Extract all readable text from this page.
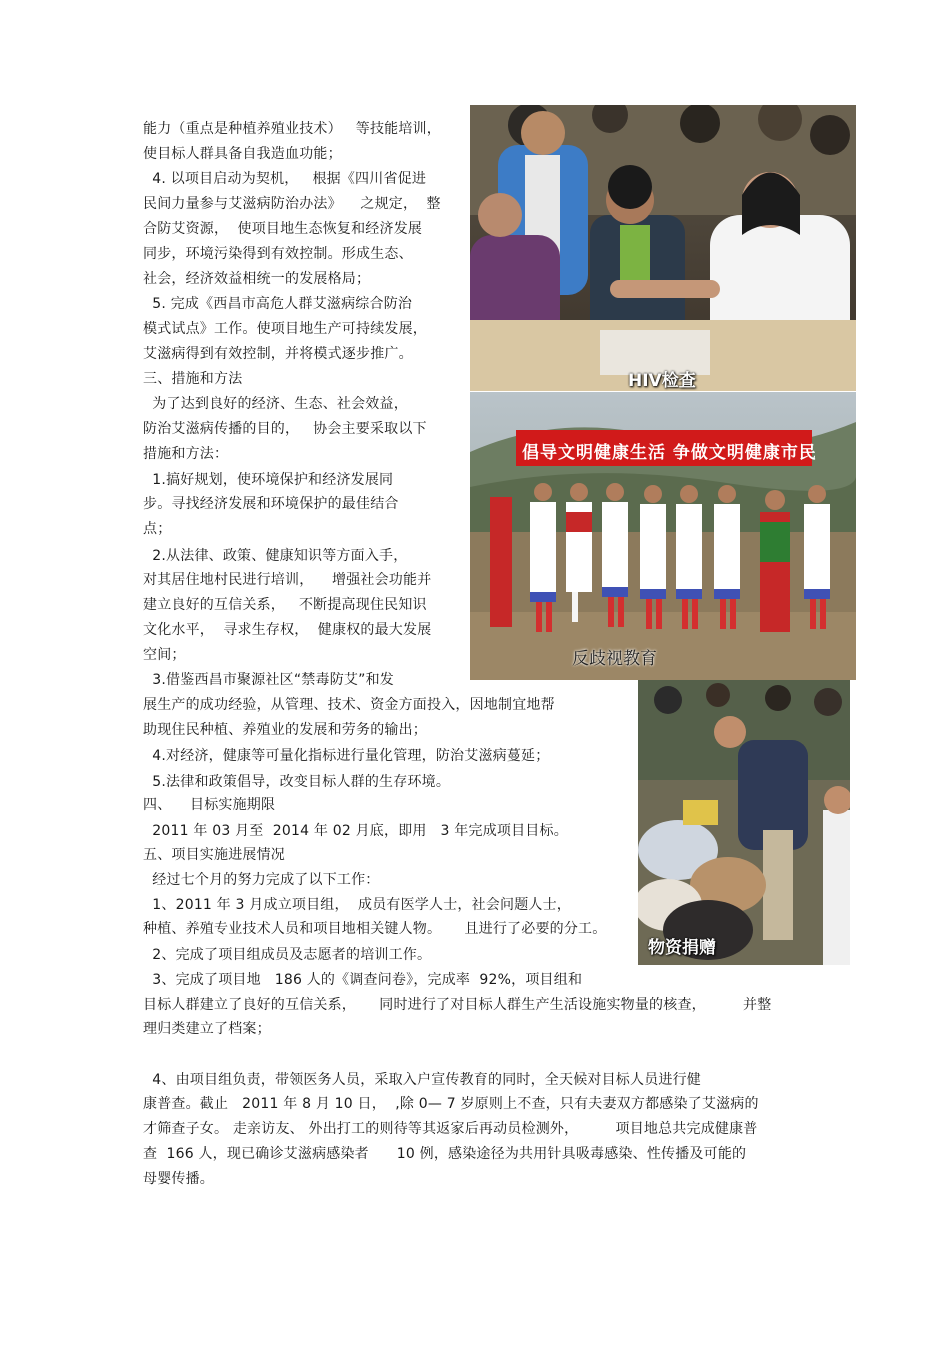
能力（重点是种植养殖业技术）   等技能培训，
使目标人群具备自我造血功能；
4. 以项目启动为契机，   根据《四川省促进
民间力量参与艾滋病防治办法》    之规定，  整
合防艾资源，  使项目地生态恢复和经济发展
同步，环境污染得到有效控制。形成生态、
社会，经济效益相统一的发展格局；
5. 完成《西昌市高危人群艾滋病综合防治
模式试点》工作。使项目地生产可持续发展，
艾滋病得到有效控制，并将模式逐步推广。
三、措施和方法
为了达到良好的经济、生态、社会效益，
防治艾滋病传播的目的，   协会主要采取以下
措施和方法：
1.搞好规划，使环境保护和经济发展同
步。寻找经济发展和环境保护的最佳结合
点；
2.从法律、政策、健康知识等方面入手，
对其居住地村民进行培训，    增强社会功能并
建立良好的互信关系，   不断提高现住民知识
文化水平，  寻求生存权，  健康权的最大发展
空间；
3.借鉴西昌市聚源社区“禁毒防艾”和发
展生产的成功经验，从管理、技术、资金方面投入，因地制宜地帮
助现住民种植、养殖业的发展和劳务的输出；
4.对经济，健康等可量化指标进行量化管理，防治艾滋病蔓延；
5.法律和政策倡导，改变目标人群的生存环境。
四、    目标实施期限
2011 年 03 月至  2014 年 02 月底，即用   3 年完成项目目标。
五、项目实施进展情况
经过七个月的努力完成了以下工作：
1、2011 年 3 月成立项目组，  成员有医学人士，社会问题人士，
种植、养殖专业技术人员和项目地相关键人物。     且进行了必要的分工。
2、完成了项目组成员及志愿者的培训工作。
3、完成了项目地   186 人的《调查问卷》，完成率  92%，项目组和
目标人群建立了良好的互信关系，     同时进行了对目标人群生产生活设施实物量的核查，        并整
理归类建立了档案；
4、由项目组负责，带领医务人员，采取入户宣传教育的同时，全天候对目标人员进行健
康普查。截止   2011 年 8 月 10 日，  ,除 0— 7 岁原则上不查，只有夫妻双方都感染了艾滋病的
才筛查子女。 走亲访友、 外出打工的则待等其返家后再动员检测外，        项目地总共完成健康普
查  166 人，现已确诊艾滋病感染者      10 例，感染途径为共用针具吸毒感染、性传播及可能的
母婴传播。
HIV检查
倡导文明健康生活 争做文明健康市民
反歧视教育
物资捐赠
